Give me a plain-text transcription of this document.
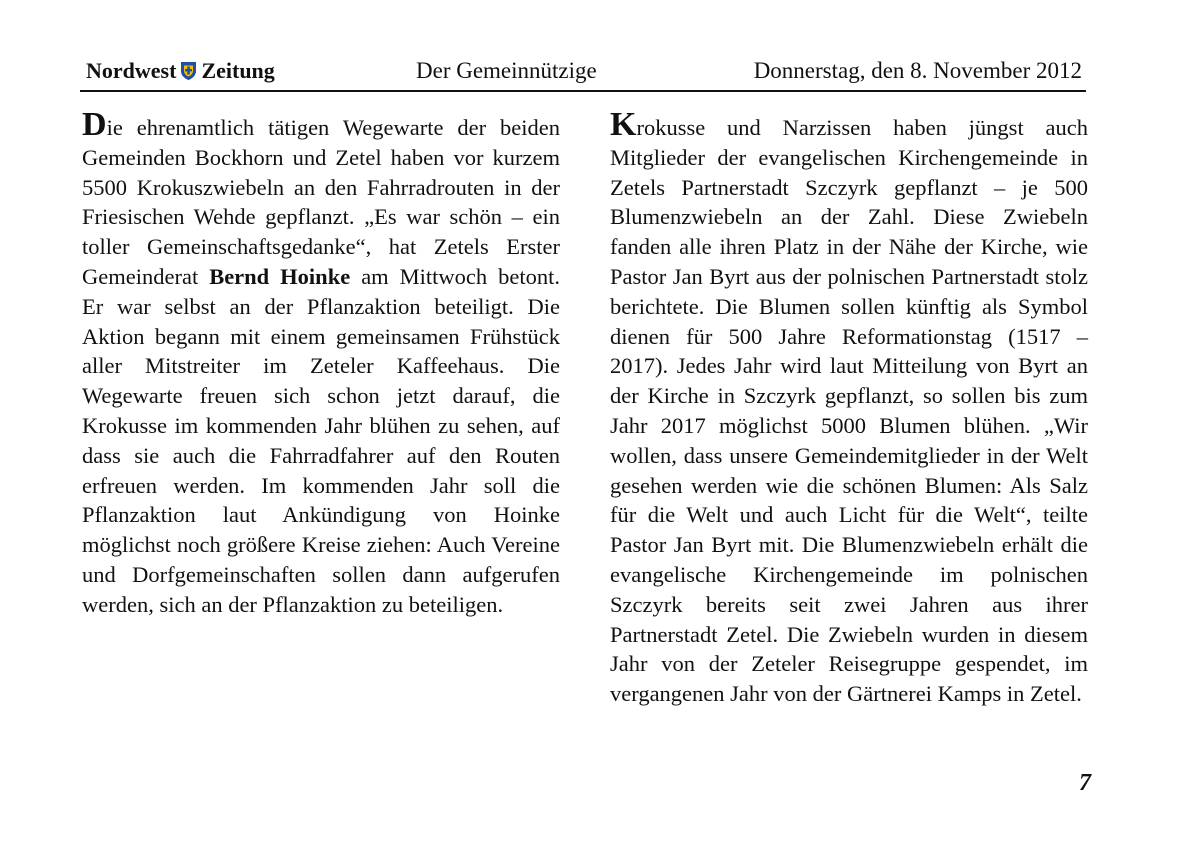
Nordwest Zeitung	Der Gemeinnützige	Donnerstag, den 8. November 2012

Die ehrenamtlich tätigen Wegewarte der beiden Gemeinden Bockhorn und Zetel haben vor kurzem 5500 Krokuszwiebeln an den Fahrradrouten in der Friesischen Wehde gepflanzt. „Es war schön – ein toller Gemeinschaftsgedanke“, hat Zetels Erster Gemeinderat Bernd Hoinke am Mittwoch betont. Er war selbst an der Pflanzaktion beteiligt. Die Aktion begann mit einem gemeinsamen Frühstück aller Mitstreiter im Zeteler Kaffeehaus. Die Wegewarte freuen sich schon jetzt darauf, die Krokusse im kommenden Jahr blühen zu sehen, auf dass sie auch die Fahrradfahrer auf den Routen erfreuen werden. Im kommenden Jahr soll die Pflanzaktion laut Ankündigung von Hoinke möglichst noch größere Kreise ziehen: Auch Vereine und Dorfgemeinschaften sollen dann aufgerufen werden, sich an der Pflanzaktion zu beteiligen.

Krokusse und Narzissen haben jüngst auch Mitglieder der evangelischen Kirchengemeinde in Zetels Partnerstadt Szczyrk gepflanzt – je 500 Blumenzwiebeln an der Zahl. Diese Zwiebeln fanden alle ihren Platz in der Nähe der Kirche, wie Pastor Jan Byrt aus der polnischen Partnerstadt stolz berichtete. Die Blumen sollen künftig als Symbol dienen für 500 Jahre Reformationstag (1517 – 2017). Jedes Jahr wird laut Mitteilung von Byrt an der Kirche in Szczyrk gepflanzt, so sollen bis zum Jahr 2017 möglichst 5000 Blumen blühen. „Wir wollen, dass unsere Gemeindemitglieder in der Welt gesehen werden wie die schönen Blumen: Als Salz für die Welt und auch Licht für die Welt“, teilte Pastor Jan Byrt mit. Die Blumenzwiebeln erhält die evangelische Kirchengemeinde im polnischen Szczyrk bereits seit zwei Jahren aus ihrer Partnerstadt Zetel. Die Zwiebeln wurden in diesem Jahr von der Zeteler Reisegruppe gespendet, im vergangenen Jahr von der Gärtnerei Kamps in Zetel.

7
